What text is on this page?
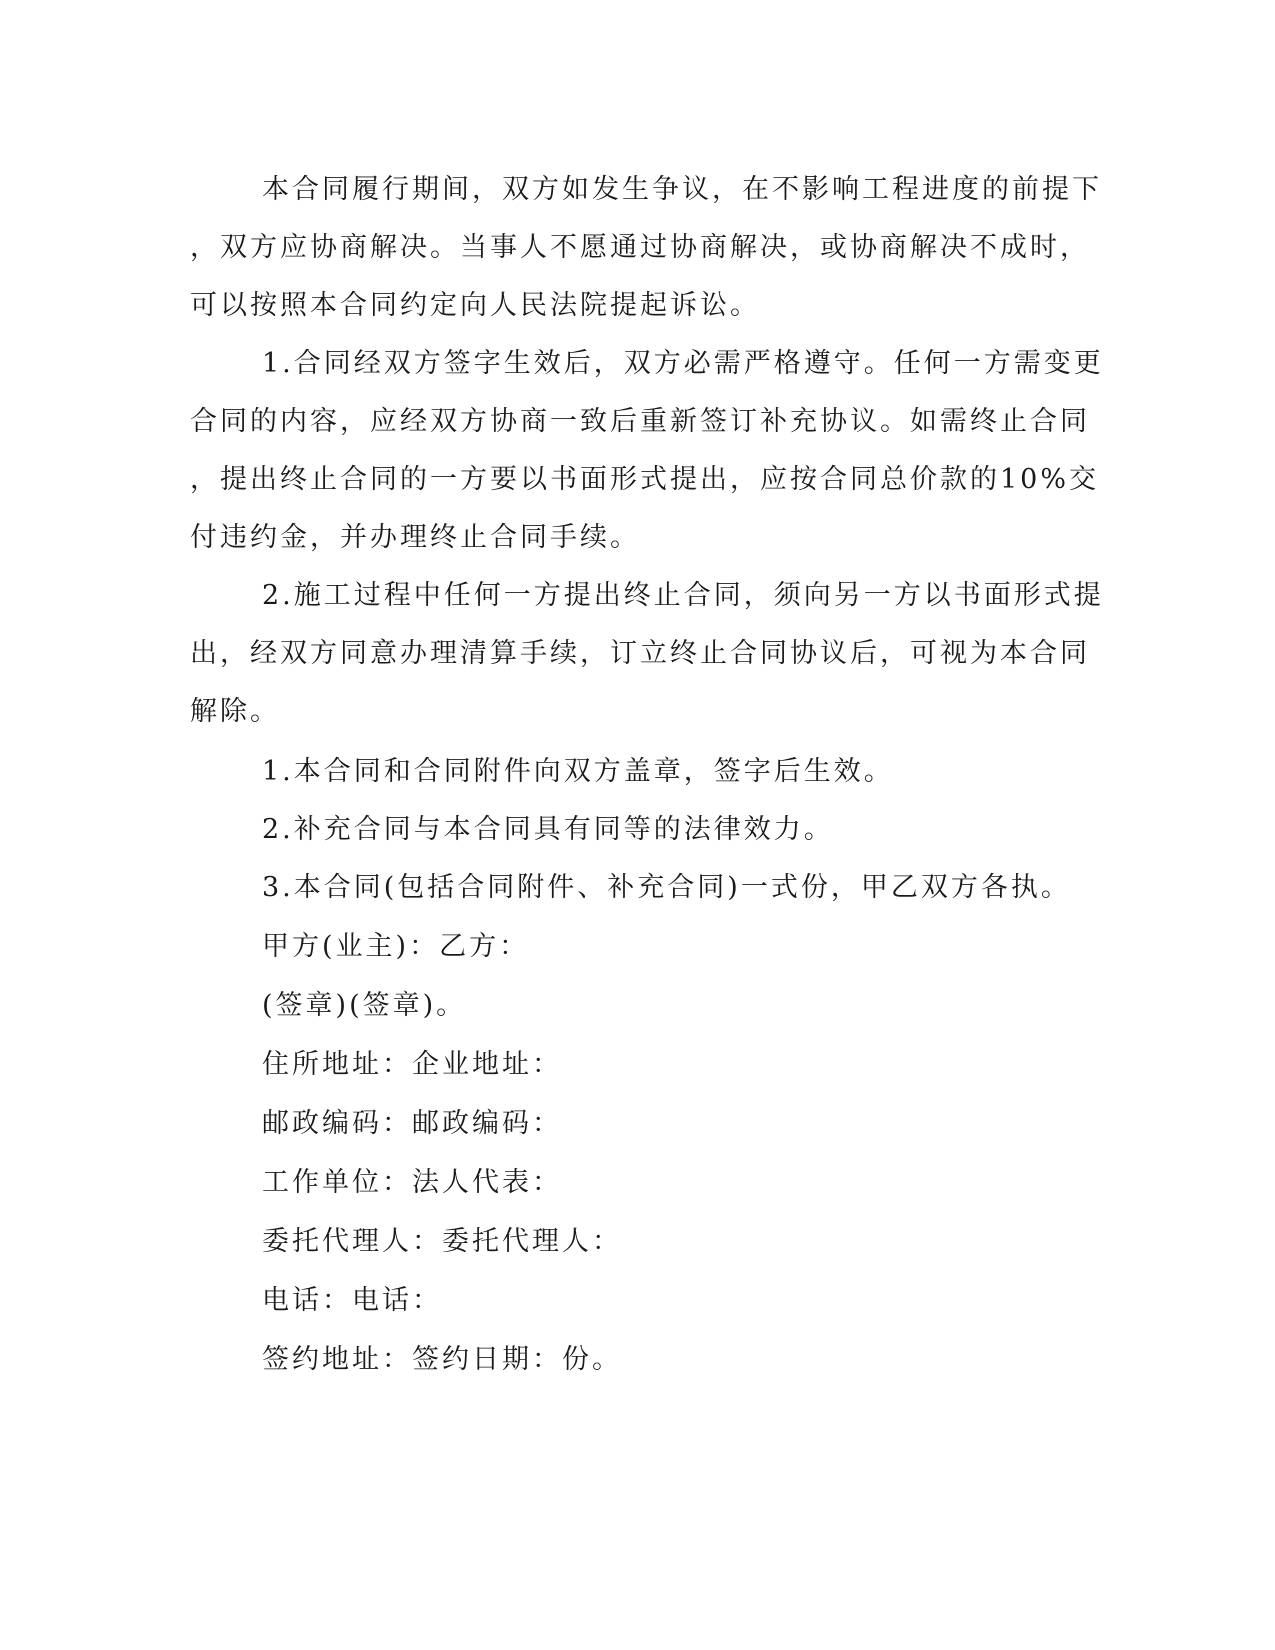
本合同履行期间，双方如发生争议，在不影响工程进度的前提下
，双方应协商解决。当事人不愿通过协商解决，或协商解决不成时，
可以按照本合同约定向人民法院提起诉讼。
1.合同经双方签字生效后，双方必需严格遵守。任何一方需变更
合同的内容，应经双方协商一致后重新签订补充协议。如需终止合同
，提出终止合同的一方要以书面形式提出，应按合同总价款的10%交
付违约金，并办理终止合同手续。
2.施工过程中任何一方提出终止合同，须向另一方以书面形式提
出，经双方同意办理清算手续，订立终止合同协议后，可视为本合同
解除。
1.本合同和合同附件向双方盖章，签字后生效。
2.补充合同与本合同具有同等的法律效力。
3.本合同(包括合同附件、补充合同)一式份，甲乙双方各执。
甲方(业主)：乙方：
(签章)(签章)。
住所地址：企业地址：
邮政编码：邮政编码：
工作单位：法人代表：
委托代理人：委托代理人：
电话：电话：
签约地址：签约日期：份。
